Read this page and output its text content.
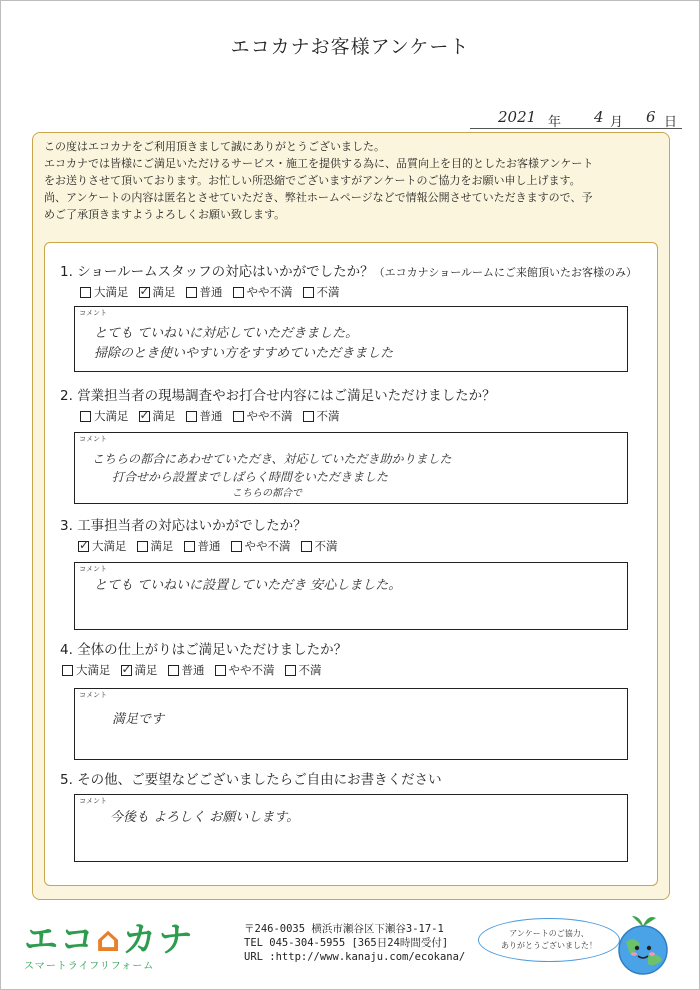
エコカナお客様アンケート
2021 年 4 月 6 日
この度はエコカナをご利用頂きまして誠にありがとうございました。
エコカナでは皆様にご満足いただけるサービス・施工を提供する為に、品質向上を目的としたお客様アンケート
をお送りさせて頂いております。お忙しい所恐縮でございますがアンケートのご協力をお願い申し上げます。
尚、アンケートの内容は匿名とさせていただき、弊社ホームページなどで情報公開させていただきますので、予
めご了承頂きますようよろしくお願い致します。
1. ショールームスタッフの対応はいかがでしたか？（エコカナショールームにご来館頂いたお客様のみ）
大満足 ✓ 満足 普通 やや不満 不満
コメント
とても ていねいに対応していただきました。
掃除のとき使いやすい方をすすめていただきました
2. 営業担当者の現場調査やお打合せ内容にはご満足いただけましたか？
大満足 ✓ 満足 普通 やや不満 不満
コメント
こちらの都合にあわせていただき、対応していただき助かりました
打合せから設置までしばらく時間をいただきました
こちらの都合で
3. 工事担当者の対応はいかがでしたか？
✓
大満足 満足 普通 やや不満 不満
コメント
とても ていねいに設置していただき 安心しました。
4. 全体の仕上がりはご満足いただけましたか？
大満足 ✓ 満足 普通 やや不満 不満
コメント
満足です
5. その他、ご要望などございましたらご自由にお書きください
コメント
今後も よろしく お願いします。
エコ⌂カナ
スマートライフリフォーム
〒246-0035 横浜市瀬谷区下瀬谷3-17-1
TEL 045-304-5955 [365日24時間受付]
URL :http://www.kanaju.com/ecokana/
アンケートのご協力、
ありがとうございました！
